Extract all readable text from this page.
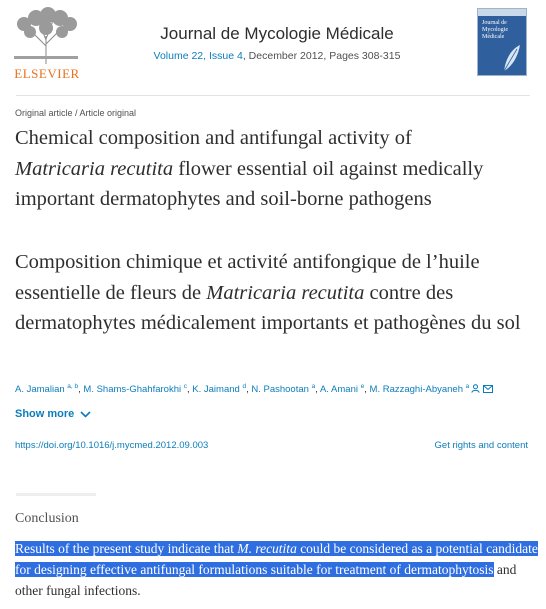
ELSEVIER
Journal de Mycologie Médicale
Volume 22, Issue 4, December 2012, Pages 308-315
Journal de
Mycologie
Médicale
Original article / Article original
Chemical composition and antifungal activity of
Matricaria recutita flower essential oil against medically important dermatophytes and soil-borne pathogens
Composition chimique et activité antifongique de l’huile essentielle de fleurs de Matricaria recutita contre des dermatophytes médicalement importants et pathogènes du sol
A. Jamalian $^{a, b}$, M. Shams-Ghahfarokhi $^c$, K. Jaimand $^d$, N. Pashootan $^a$, A. Amani $^e$, M. Razzaghi-Abyaneh $^a$
Show more
https://doi.org/10.1016/j.mycmed.2012.09.003	Get rights and content
Conclusion
Results of the present study indicate that M. recutita could be considered as a potential candidate for designing effective antifungal formulations suitable for treatment of dermatophytosis and other fungal infections.
